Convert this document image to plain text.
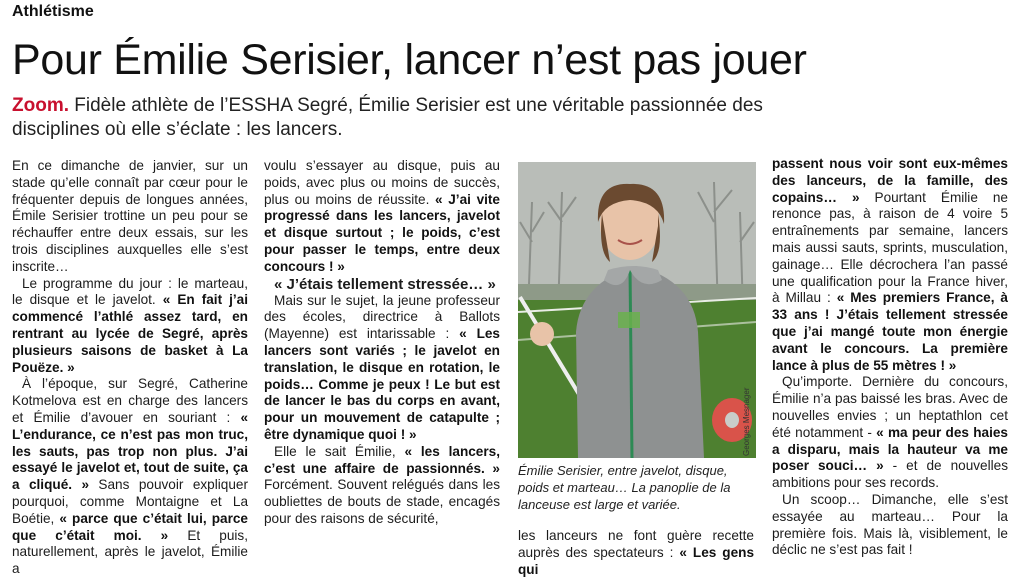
Athlétisme
Pour Émilie Serisier, lancer n’est pas jouer
Zoom. Fidèle athlète de l’ESSHA Segré, Émilie Serisier est une véritable passionnée des disciplines où elle s’éclate : les lancers.

En ce dimanche de janvier, sur un stade qu’elle connaît par cœur pour le fréquenter depuis de longues années, Émile Serisier trottine un peu pour se réchauffer entre deux essais, sur les trois disciplines auxquelles elle s’est inscrite…

Le programme du jour : le marteau, le disque et le javelot. « En fait j’ai commencé l’athlé assez tard, en rentrant au lycée de Segré, après plusieurs saisons de basket à La Pouëze. »

À l’époque, sur Segré, Catherine Kotmelova est en charge des lancers et Émilie d’avouer en souriant : « L’endurance, ce n’est pas mon truc, les sauts, pas trop non plus. J’ai essayé le javelot et, tout de suite, ça a cliqué. » Sans pouvoir expliquer pourquoi, comme Montaigne et La Boétie, « parce que c’était lui, parce que c’était moi. » Et puis, naturellement, après le javelot, Émilie a

voulu s’essayer au disque, puis au poids, avec plus ou moins de succès, plus ou moins de réussite. « J’ai vite progressé dans les lancers, javelot et disque surtout ; le poids, c’est pour passer le temps, entre deux concours ! »

« J’étais tellement stressée… »

Mais sur le sujet, la jeune professeur des écoles, directrice à Ballots (Mayenne) est intarissable : « Les lancers sont variés ; le javelot en translation, le disque en rotation, le poids… Comme je peux ! Le but est de lancer le bas du corps en avant, pour un mouvement de catapulte ; être dynamique quoi ! »

Elle le sait Émilie, « les lancers, c’est une affaire de passionnés. » Forcément. Souvent relégués dans les oubliettes de bouts de stade, encagés pour des raisons de sécurité,

Georges Mesnager
Émilie Serisier, entre javelot, disque, poids et marteau… La panoplie de la lanceuse est large et variée.

les lanceurs ne font guère recette auprès des spectateurs : « Les gens qui

passent nous voir sont eux-mêmes des lanceurs, de la famille, des copains… » Pourtant Émilie ne renonce pas, à raison de 4 voire 5 entraînements par semaine, lancers mais aussi sauts, sprints, musculation, gainage… Elle décrochera l’an passé une qualification pour la France hiver, à Millau : « Mes premiers France, à 33 ans ! J’étais tellement stressée que j’ai mangé toute mon énergie avant le concours. La première lance à plus de 55 mètres ! »

Qu’importe. Dernière du concours, Émilie n’a pas baissé les bras. Avec de nouvelles envies ; un heptathlon cet été notamment - « ma peur des haies a disparu, mais la hauteur va me poser souci… » - et de nouvelles ambitions pour ses records.

Un scoop… Dimanche, elle s’est essayée au marteau… Pour la première fois. Mais là, visiblement, le déclic ne s’est pas fait !
